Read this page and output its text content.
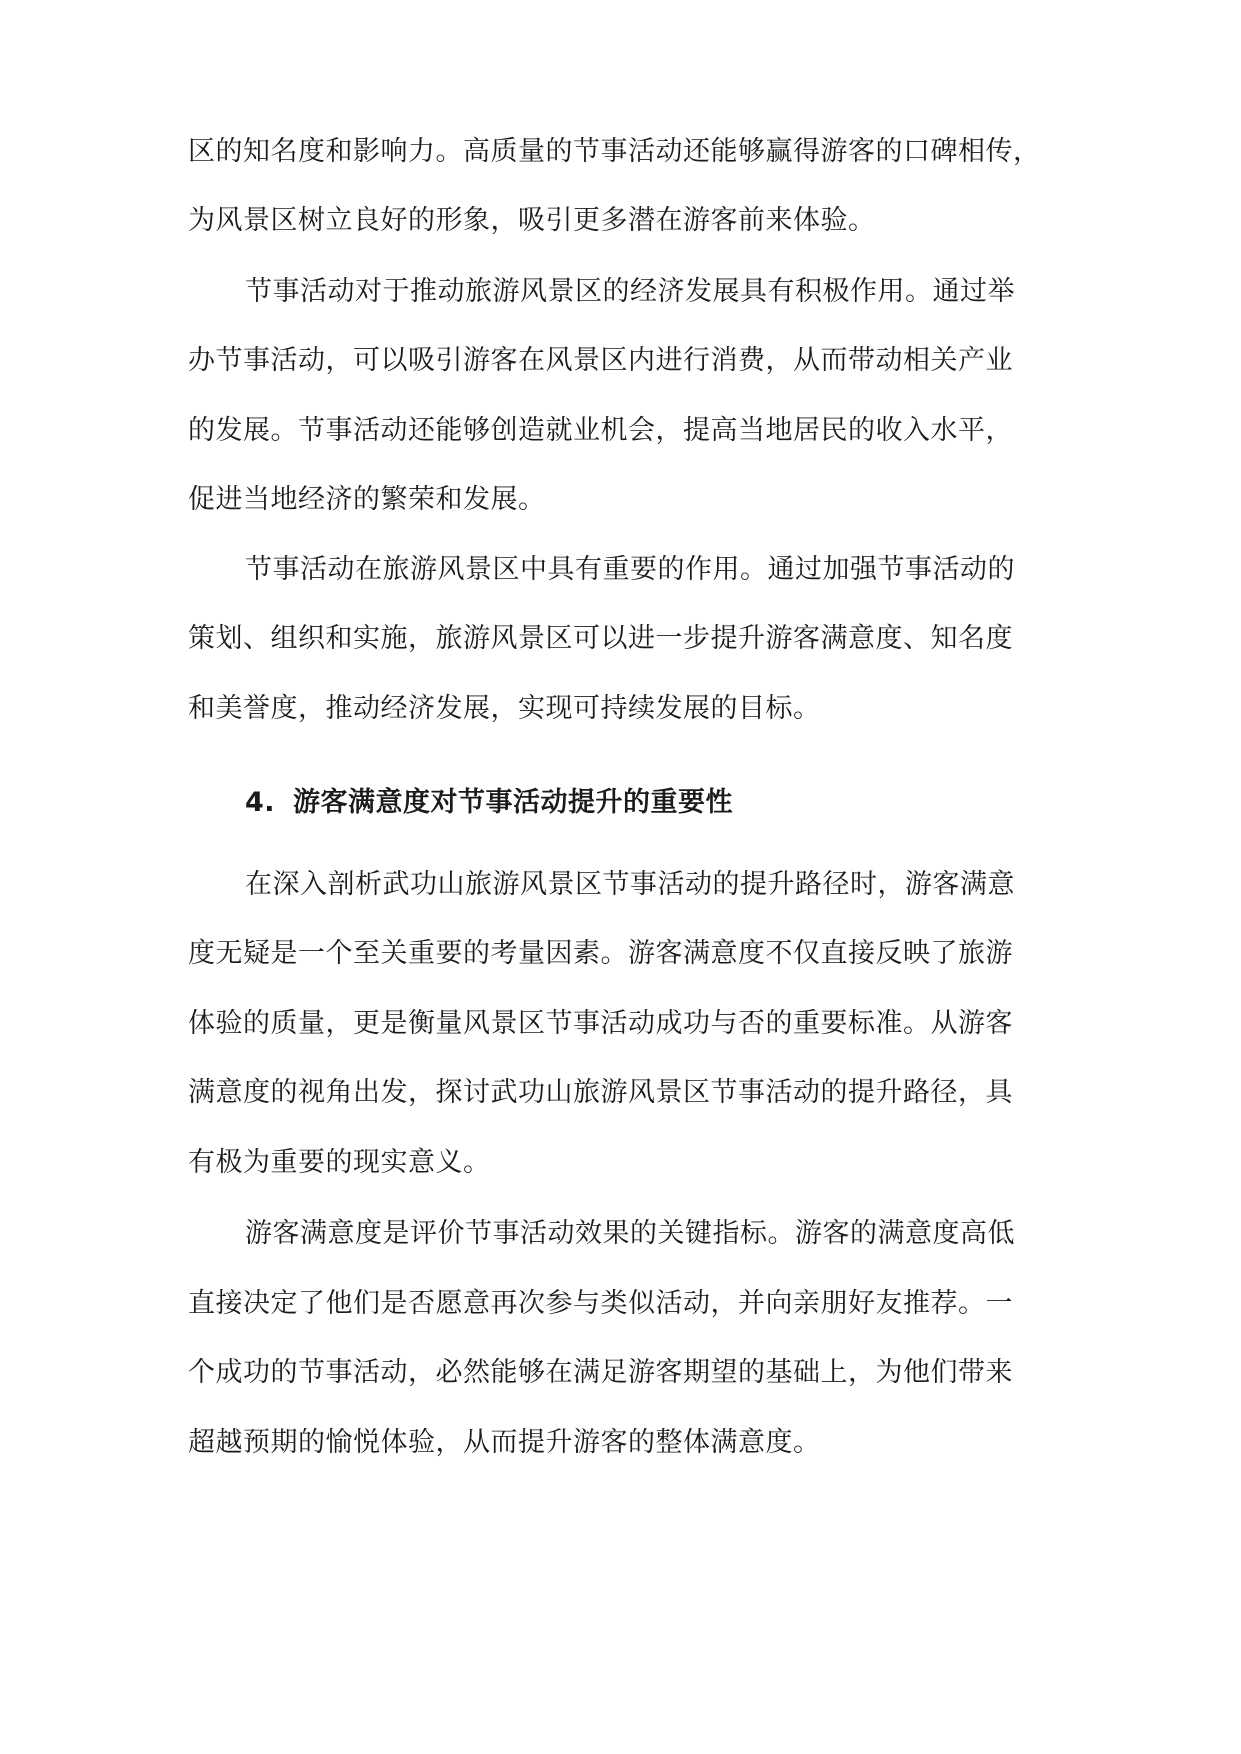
区的知名度和影响力。高质量的节事活动还能够赢得游客的口碑相传，
为风景区树立良好的形象，吸引更多潜在游客前来体验。
节事活动对于推动旅游风景区的经济发展具有积极作用。通过举
办节事活动，可以吸引游客在风景区内进行消费，从而带动相关产业
的发展。节事活动还能够创造就业机会，提高当地居民的收入水平，
促进当地经济的繁荣和发展。
节事活动在旅游风景区中具有重要的作用。通过加强节事活动的
策划、组织和实施，旅游风景区可以进一步提升游客满意度、知名度
和美誉度，推动经济发展，实现可持续发展的目标。
4. 游客满意度对节事活动提升的重要性
在深入剖析武功山旅游风景区节事活动的提升路径时，游客满意
度无疑是一个至关重要的考量因素。游客满意度不仅直接反映了旅游
体验的质量，更是衡量风景区节事活动成功与否的重要标准。从游客
满意度的视角出发，探讨武功山旅游风景区节事活动的提升路径，具
有极为重要的现实意义。
游客满意度是评价节事活动效果的关键指标。游客的满意度高低
直接决定了他们是否愿意再次参与类似活动，并向亲朋好友推荐。一
个成功的节事活动，必然能够在满足游客期望的基础上，为他们带来
超越预期的愉悦体验，从而提升游客的整体满意度。
